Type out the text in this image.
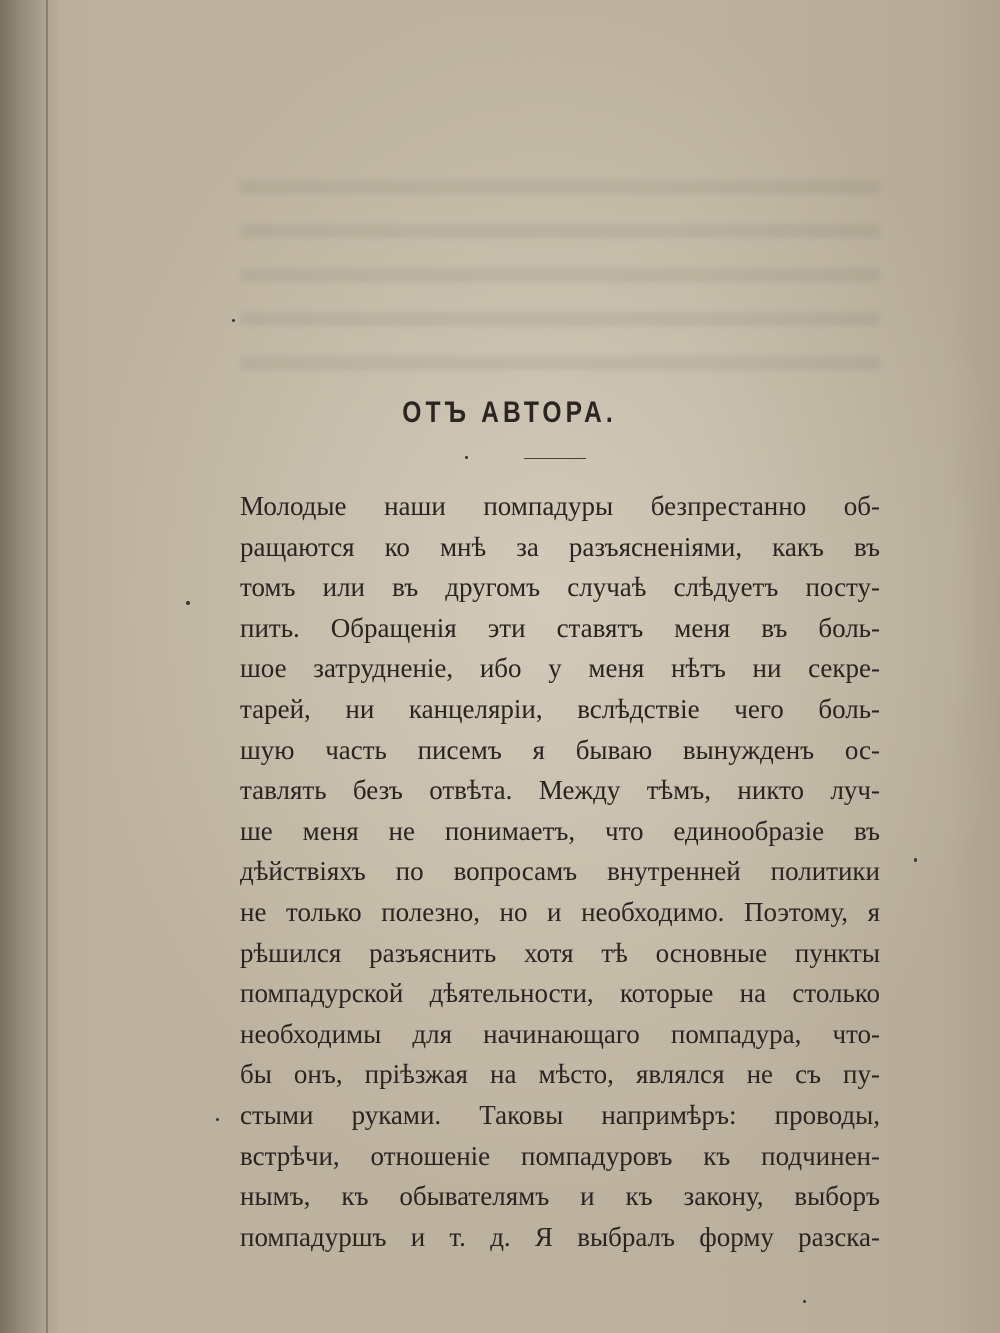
ОТЪ АВТОРА.
Молодые наши помпадуры безпрестанно об-
ращаются ко мнѣ за разъясненіями, какъ въ
томъ или въ другомъ случаѣ слѣдуетъ посту-
пить. Обращенія эти ставятъ меня въ боль-
шое затрудненіе, ибо у меня нѣтъ ни секре-
тарей, ни канцеляріи, вслѣдствіе чего боль-
шую часть писемъ я бываю вынужденъ ос-
тавлять безъ отвѣта. Между тѣмъ, никто луч-
ше меня не понимаетъ, что единообразіе въ
дѣйствіяхъ по вопросамъ внутренней политики
не только полезно, но и необходимо. Поэтому, я
рѣшился разъяснить хотя тѣ основные пункты
помпадурской дѣятельности, которые на столько
необходимы для начинающаго помпадура, что-
бы онъ, пріѣзжая на мѣсто, являлся не съ пу-
стыми руками. Таковы напримѣръ: проводы,
встрѣчи, отношеніе помпадуровъ къ подчинен-
нымъ, къ обывателямъ и къ закону, выборъ
помпадуршъ и т. д. Я выбралъ форму разска-
